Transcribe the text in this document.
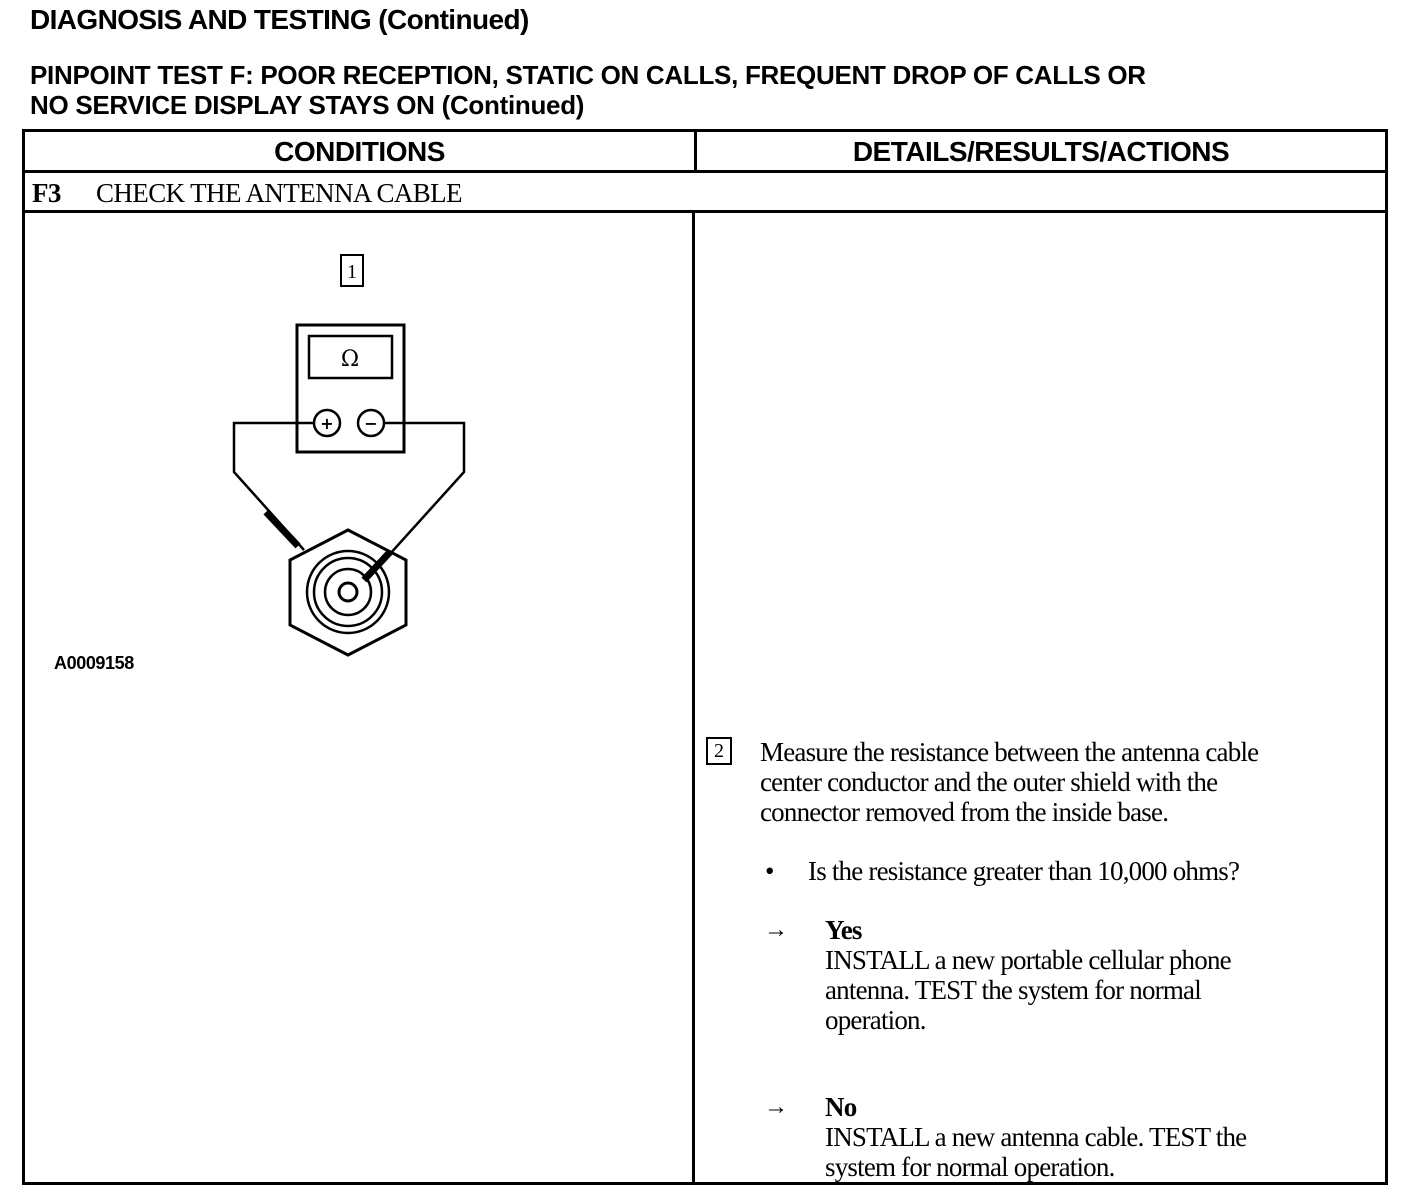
DIAGNOSIS AND TESTING (Continued)
PINPOINT TEST F: POOR RECEPTION, STATIC ON CALLS, FREQUENT DROP OF CALLS OR
NO SERVICE DISPLAY STAYS ON (Continued)
CONDITIONS	DETAILS/RESULTS/ACTIONS
F3 CHECK THE ANTENNA CABLE
1
Ω
+ −
A0009158
2 Measure the resistance between the antenna cable
center conductor and the outer shield with the
connector removed from the inside base.
• Is the resistance greater than 10,000 ohms?
→ Yes
INSTALL a new portable cellular phone
antenna. TEST the system for normal
operation.
→ No
INSTALL a new antenna cable. TEST the
system for normal operation.
